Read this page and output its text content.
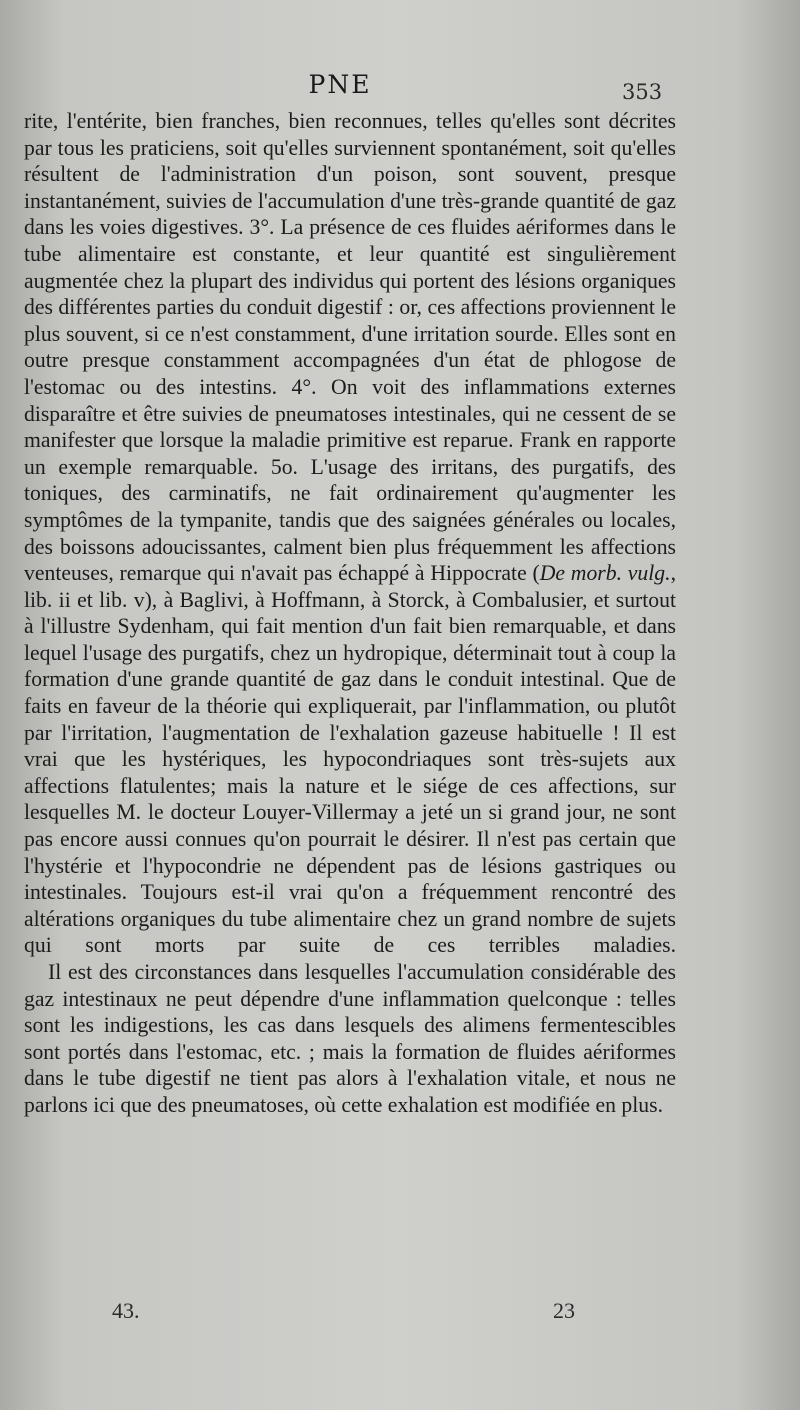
PNE	353

rite, l'entérite, bien franches, bien reconnues, telles qu'elles sont décrites par tous les praticiens, soit qu'elles surviennent spontanément, soit qu'elles résultent de l'administration d'un poison, sont souvent, presque instantanément, suivies de l'accumulation d'une très-grande quantité de gaz dans les voies digestives. 3°. La présence de ces fluides aériformes dans le tube alimentaire est constante, et leur quantité est singulièrement augmentée chez la plupart des individus qui portent des lésions organiques des différentes parties du conduit digestif : or, ces affections proviennent le plus souvent, si ce n'est constamment, d'une irritation sourde. Elles sont en outre presque constamment accompagnées d'un état de phlogose de l'estomac ou des intestins. 4°. On voit des inflammations externes disparaître et être suivies de pneumatoses intestinales, qui ne cessent de se manifester que lorsque la maladie primitive est reparue. Frank en rapporte un exemple remarquable. 5o. L'usage des irritans, des purgatifs, des toniques, des carminatifs, ne fait ordinairement qu'augmenter les symptômes de la tympanite, tandis que des saignées générales ou locales, des boissons adoucissantes, calment bien plus fréquemment les affections venteuses, remarque qui n'avait pas échappé à Hippocrate (De morb. vulg., lib. ii et lib. v), à Baglivi, à Hoffmann, à Storck, à Combalusier, et surtout à l'illustre Sydenham, qui fait mention d'un fait bien remarquable, et dans lequel l'usage des purgatifs, chez un hydropique, déterminait tout à coup la formation d'une grande quantité de gaz dans le conduit intestinal. Que de faits en faveur de la théorie qui expliquerait, par l'inflammation, ou plutôt par l'irritation, l'augmentation de l'exhalation gazeuse habituelle ! Il est vrai que les hystériques, les hypocondriaques sont très-sujets aux affections flatulentes; mais la nature et le siége de ces affections, sur lesquelles M. le docteur Louyer-Villermay a jeté un si grand jour, ne sont pas encore aussi connues qu'on pourrait le désirer. Il n'est pas certain que l'hystérie et l'hypocondrie ne dépendent pas de lésions gastriques ou intestinales. Toujours est-il vrai qu'on a fréquemment rencontré des altérations organiques du tube alimentaire chez un grand nombre de sujets qui sont morts par suite de ces terribles maladies.

Il est des circonstances dans lesquelles l'accumulation considérable des gaz intestinaux ne peut dépendre d'une inflammation quelconque : telles sont les indigestions, les cas dans lesquels des alimens fermentescibles sont portés dans l'estomac, etc. ; mais la formation de fluides aériformes dans le tube digestif ne tient pas alors à l'exhalation vitale, et nous ne parlons ici que des pneumatoses, où cette exhalation est modifiée en plus.

43.	23
